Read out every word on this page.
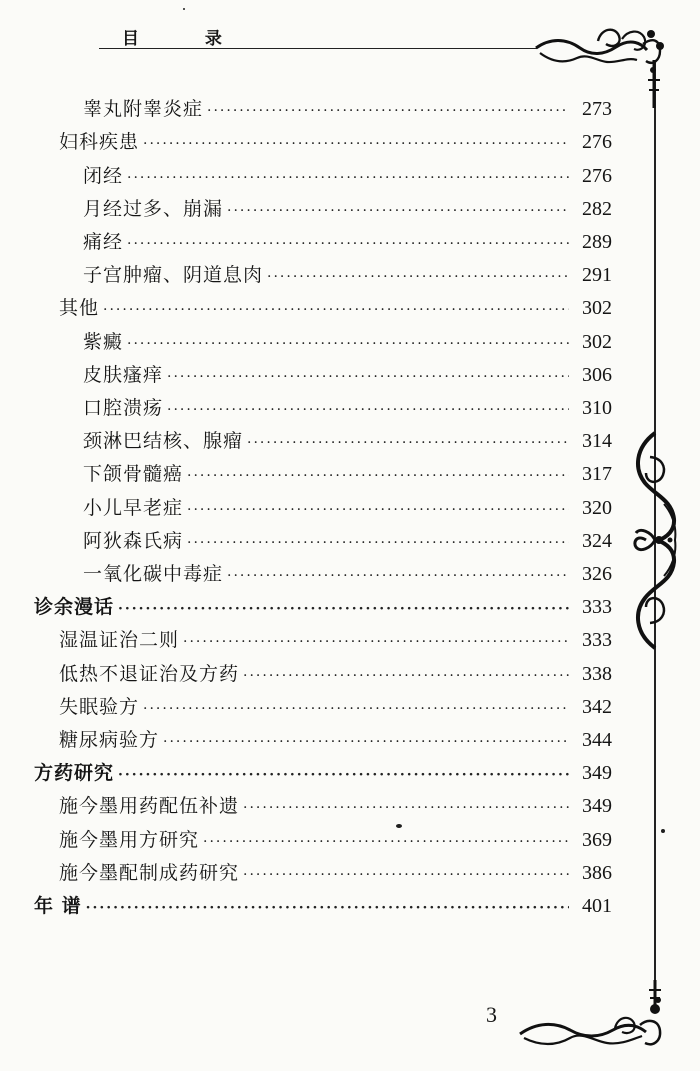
目 录
睾丸附睾炎症 ·····	273
妇科疾患 ·····	276
闭经 ·····	276
月经过多、崩漏 ·····	282
痛经 ·····	289
子宫肿瘤、阴道息肉 ·····	291
其他 ·····	302
紫癜 ·····	302
皮肤瘙痒 ·····	306
口腔溃疡 ·····	310
颈淋巴结核、腺瘤 ·····	314
下颌骨髓癌 ·····	317
小儿早老症 ·····	320
阿狄森氏病 ·····	324
一氧化碳中毒症 ·····	326
诊余漫话 ·····	333
湿温证治二则 ·····	333
低热不退证治及方药 ·····	338
失眠验方 ·····	342
糖尿病验方 ·····	344
方药研究 ·····	349
施今墨用药配伍补遗 ·····	349
施今墨用方研究 ·····	369
施今墨配制成药研究 ·····	386
年 谱 ·····	401
3
